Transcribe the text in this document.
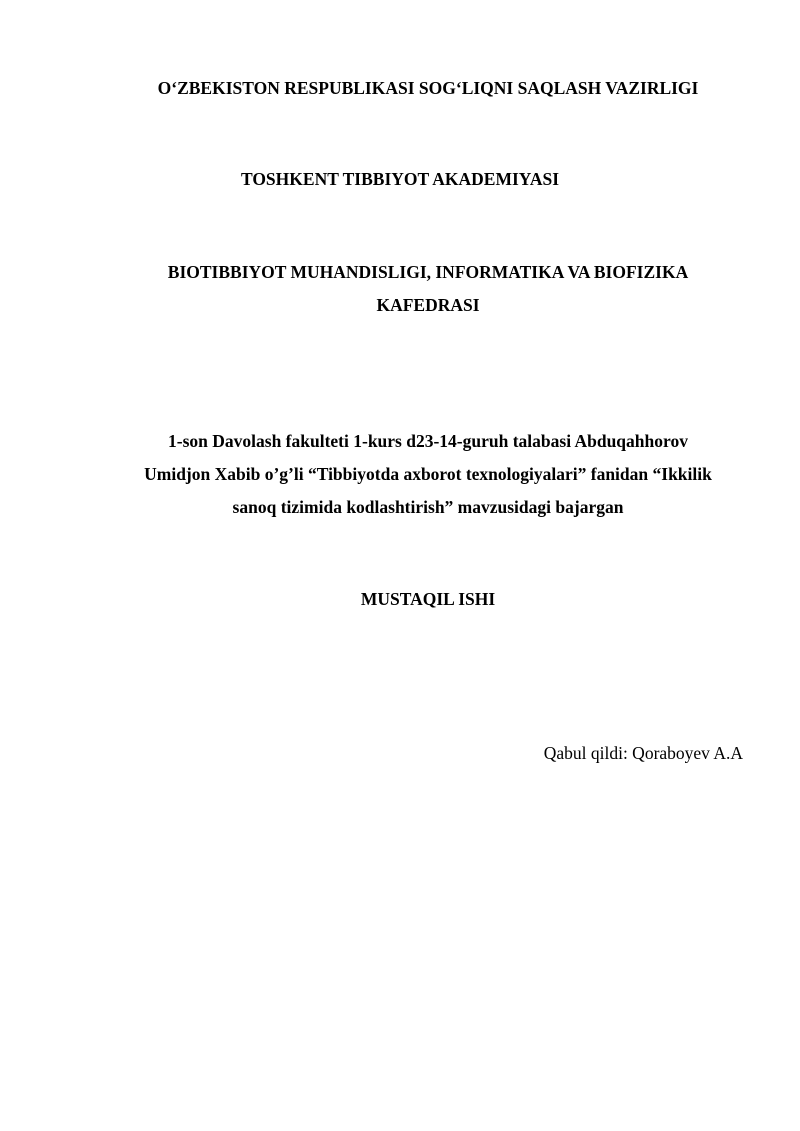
O‘ZBEKISTON RESPUBLIKASI SOG‘LIQNI SAQLASH VAZIRLIGI

TOSHKENT TIBBIYOT AKADEMIYASI

BIOTIBBIYOT MUHANDISLIGI, INFORMATIKA VA BIOFIZIKA

KAFEDRASI

1-son Davolash fakulteti 1-kurs d23-14-guruh talabasi Abduqahhorov

Umidjon Xabib o’g’li “Tibbiyotda axborot texnologiyalari” fanidan “Ikkilik

sanoq tizimida kodlashtirish” mavzusidagi bajargan

MUSTAQIL ISHI

Qabul qildi: Qoraboyev A.A
